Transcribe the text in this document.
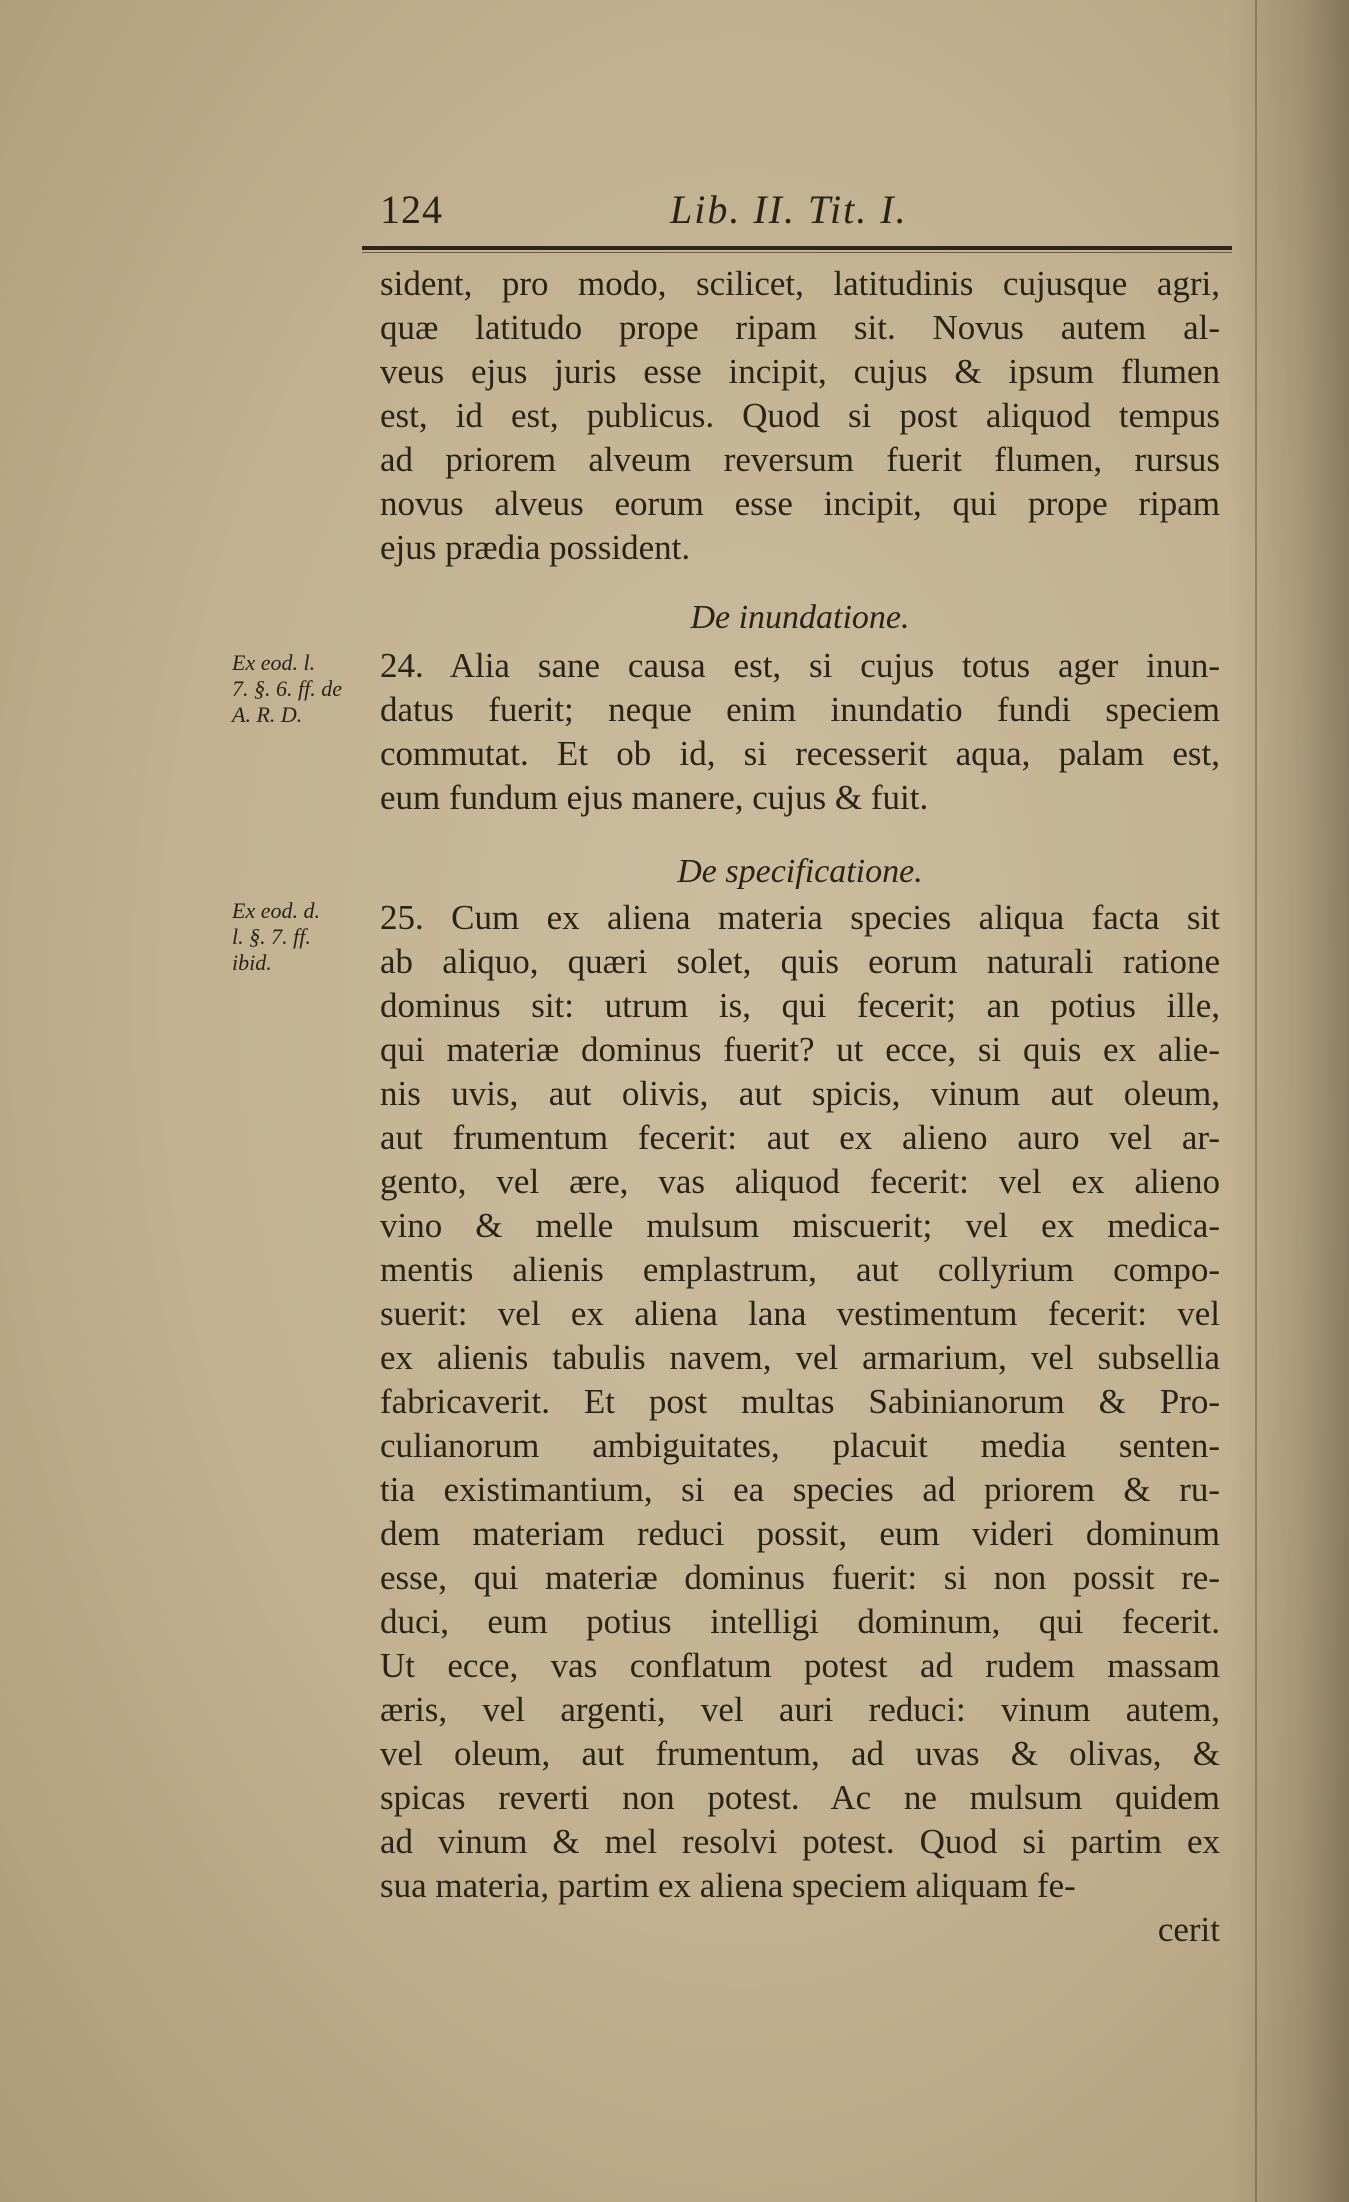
124	Lib. II. Tit. I.
sident, pro modo, scilicet, latitudinis cujusque agri,
quæ latitudo prope ripam sit. Novus autem al-
veus ejus juris esse incipit, cujus & ipsum flumen
est, id est, publicus. Quod si post aliquod tempus
ad priorem alveum reversum fuerit flumen, rursus
novus alveus eorum esse incipit, qui prope ripam
ejus prædia possident.
De inundatione.
24. Alia sane causa est, si cujus totus ager inun-
datus fuerit; neque enim inundatio fundi speciem
commutat. Et ob id, si recesserit aqua, palam est,
eum fundum ejus manere, cujus & fuit.
De specificatione.
25. Cum ex aliena materia species aliqua facta sit
ab aliquo, quæri solet, quis eorum naturali ratione
dominus sit: utrum is, qui fecerit; an potius ille,
qui materiæ dominus fuerit? ut ecce, si quis ex alie-
nis uvis, aut olivis, aut spicis, vinum aut oleum,
aut frumentum fecerit: aut ex alieno auro vel ar-
gento, vel ære, vas aliquod fecerit: vel ex alieno
vino & melle mulsum miscuerit; vel ex medica-
mentis alienis emplastrum, aut collyrium compo-
suerit: vel ex aliena lana vestimentum fecerit: vel
ex alienis tabulis navem, vel armarium, vel subsellia
fabricaverit. Et post multas Sabinianorum & Pro-
culianorum ambiguitates, placuit media senten-
tia existimantium, si ea species ad priorem & ru-
dem materiam reduci possit, eum videri dominum
esse, qui materiæ dominus fuerit: si non possit re-
duci, eum potius intelligi dominum, qui fecerit.
Ut ecce, vas conflatum potest ad rudem massam
æris, vel argenti, vel auri reduci: vinum autem,
vel oleum, aut frumentum, ad uvas & olivas, &
spicas reverti non potest. Ac ne mulsum quidem
ad vinum & mel resolvi potest. Quod si partim ex
sua materia, partim ex aliena speciem aliquam fe-
cerit
Ex eod. l.
7. §. 6. ff. de
A. R. D.
Ex eod. d.
l. §. 7. ff.
ibid.
